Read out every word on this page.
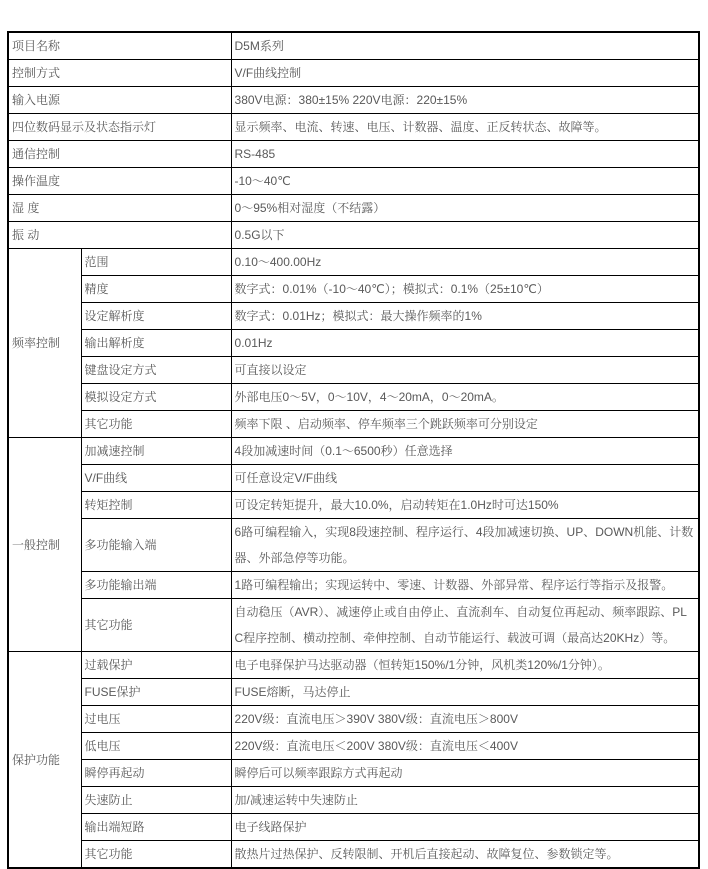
项目名称		D5M系列
控制方式		V/F曲线控制
输入电源		380V电源：380±15% 220V电源：220±15%
四位数码显示及状态指示灯		显示频率、电流、转速、电压、计数器、温度、正反转状态、故障等。
通信控制		RS-485
操作温度		-10～40℃
湿 度		0～95%相对湿度（不结露）
振 动		0.5G以下
频率控制	范围	0.10～400.00Hz
	精度	数字式：0.01%（-10～40℃）；模拟式：0.1%（25±10℃）
	设定解析度	数字式：0.01Hz；模拟式：最大操作频率的1%
	输出解析度	0.01Hz
	键盘设定方式	可直接以设定
	模拟设定方式	外部电压0～5V，0～10V，4～20mA，0～20mA。
	其它功能	频率下限 、启动频率、停车频率三个跳跃频率可分别设定
一般控制	加减速控制	4段加减速时间（0.1～6500秒）任意选择
	V/F曲线	可任意设定V/F曲线
	转矩控制	可设定转矩提升，最大10.0%，启动转矩在1.0Hz时可达150%
	多功能输入端	6路可编程输入，实现8段速控制、程序运行、4段加减速切换、UP、DOWN机能、计数器、外部急停等功能。
	多功能输出端	1路可编程输出；实现运转中、零速、计数器、外部异常、程序运行等指示及报警。
	其它功能	自动稳压（AVR）、减速停止或自由停止、直流刹车、自动复位再起动、频率跟踪、PLC程序控制、横动控制、牵伸控制、自动节能运行、载波可调（最高达20KHz）等。
保护功能	过载保护	电子电驿保护马达驱动器（恒转矩150%/1分钟，风机类120%/1分钟）。
	FUSE保护	FUSE熔断，马达停止
	过电压	220V级：直流电压＞390V 380V级：直流电压＞800V
	低电压	220V级：直流电压＜200V 380V级：直流电压＜400V
	瞬停再起动	瞬停后可以频率跟踪方式再起动
	失速防止	加/减速运转中失速防止
	输出端短路	电子线路保护
	其它功能	散热片过热保护、反转限制、开机后直接起动、故障复位、参数锁定等。
